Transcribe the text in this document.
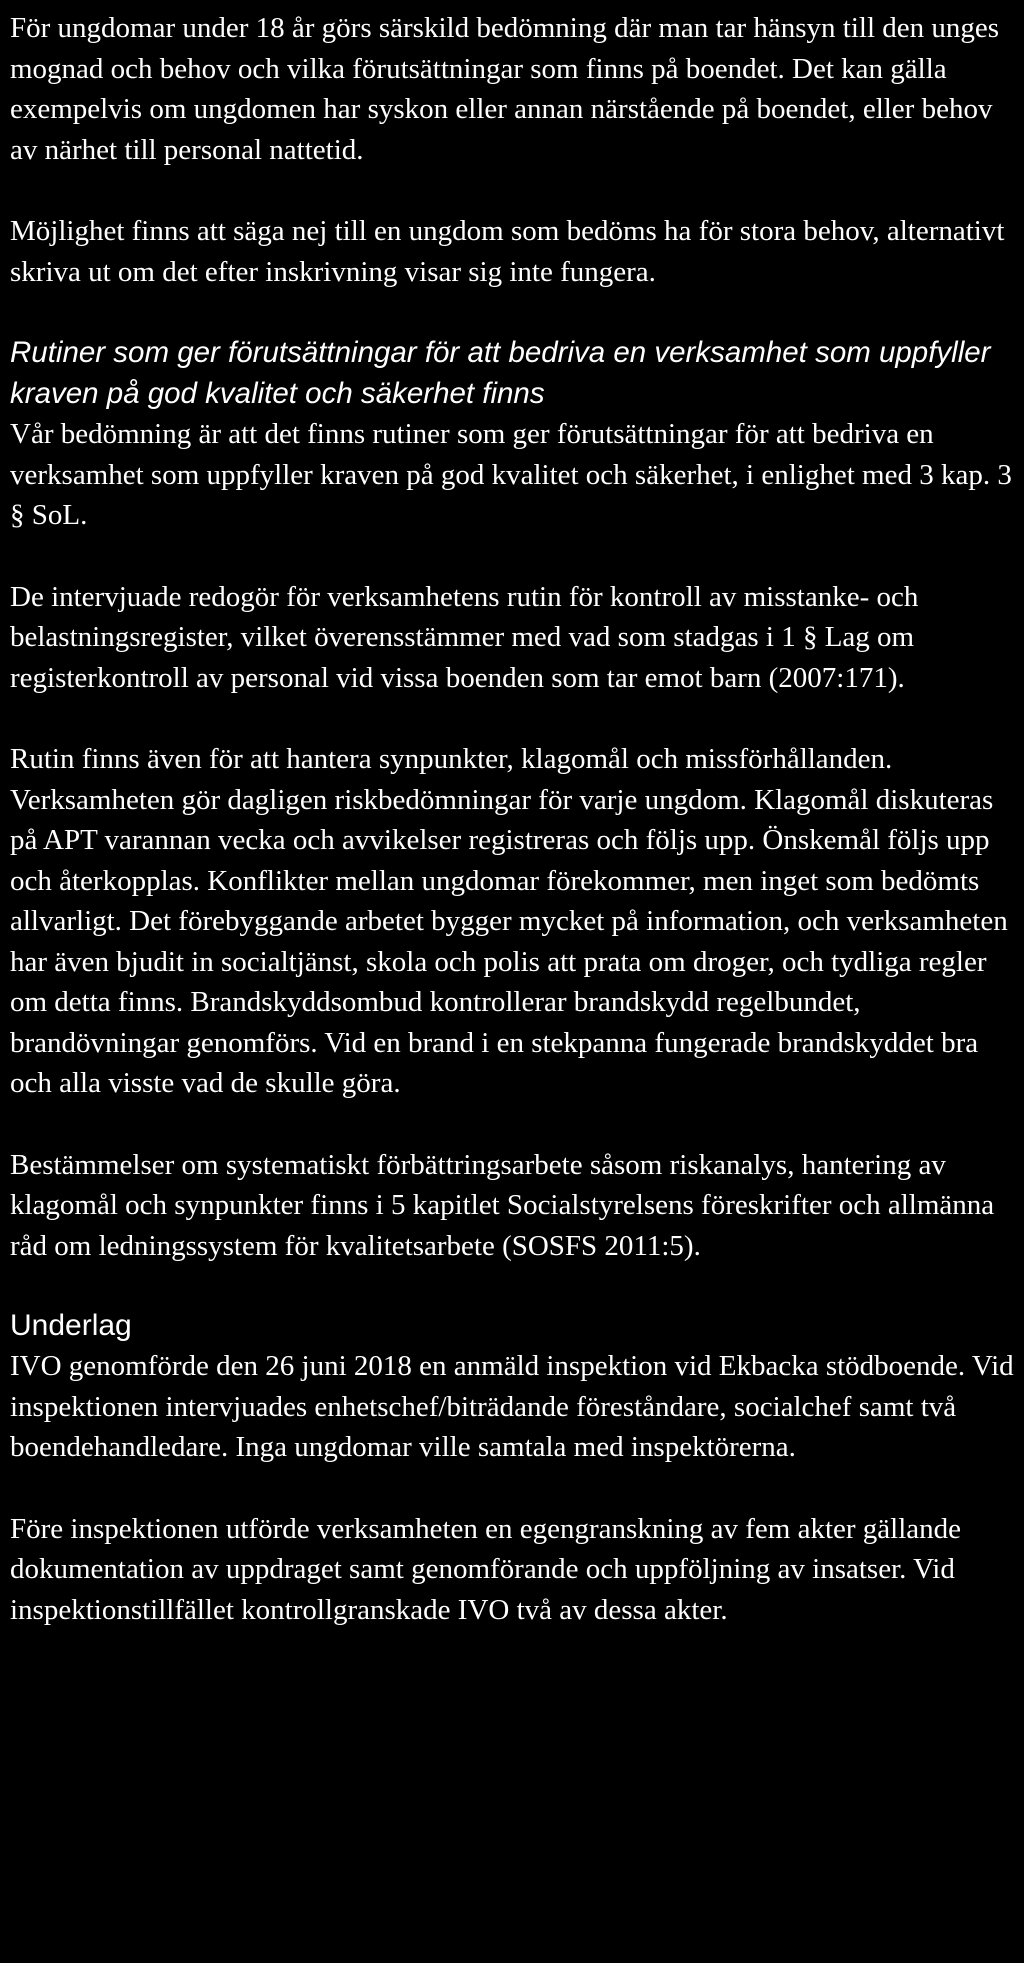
För ungdomar under 18 år görs särskild bedömning där man tar hänsyn till den unges mognad och behov och vilka förutsättningar som finns på boendet. Det kan gälla exempelvis om ungdomen har syskon eller annan närstående på boendet, eller behov av närhet till personal nattetid.

Möjlighet finns att säga nej till en ungdom som bedöms ha för stora behov, alternativt skriva ut om det efter inskrivning visar sig inte fungera.

Rutiner som ger förutsättningar för att bedriva en verksamhet som uppfyller kraven på god kvalitet och säkerhet finns

Vår bedömning är att det finns rutiner som ger förutsättningar för att bedriva en verksamhet som uppfyller kraven på god kvalitet och säkerhet, i enlighet med 3 kap. 3 § SoL.

De intervjuade redogör för verksamhetens rutin för kontroll av misstanke- och belastningsregister, vilket överensstämmer med vad som stadgas i 1 § Lag om registerkontroll av personal vid vissa boenden som tar emot barn (2007:171).

Rutin finns även för att hantera synpunkter, klagomål och missförhållanden. Verksamheten gör dagligen riskbedömningar för varje ungdom. Klagomål diskuteras på APT varannan vecka och avvikelser registreras och följs upp. Önskemål följs upp och återkopplas. Konflikter mellan ungdomar förekommer, men inget som bedömts allvarligt. Det förebyggande arbetet bygger mycket på information, och verksamheten har även bjudit in socialtjänst, skola och polis att prata om droger, och tydliga regler om detta finns. Brandskyddsombud kontrollerar brandskydd regelbundet, brandövningar genomförs. Vid en brand i en stekpanna fungerade brandskyddet bra och alla visste vad de skulle göra.

Bestämmelser om systematiskt förbättringsarbete såsom riskanalys, hantering av klagomål och synpunkter finns i 5 kapitlet Socialstyrelsens föreskrifter och allmänna råd om ledningssystem för kvalitetsarbete (SOSFS 2011:5).

Underlag

IVO genomförde den 26 juni 2018 en anmäld inspektion vid Ekbacka stödboende. Vid inspektionen intervjuades enhetschef/biträdande föreståndare, socialchef samt två boendehandledare. Inga ungdomar ville samtala med inspektörerna.

Före inspektionen utförde verksamheten en egengranskning av fem akter gällande dokumentation av uppdraget samt genomförande och uppföljning av insatser. Vid inspektionstillfället kontrollgranskade IVO två av dessa akter.
